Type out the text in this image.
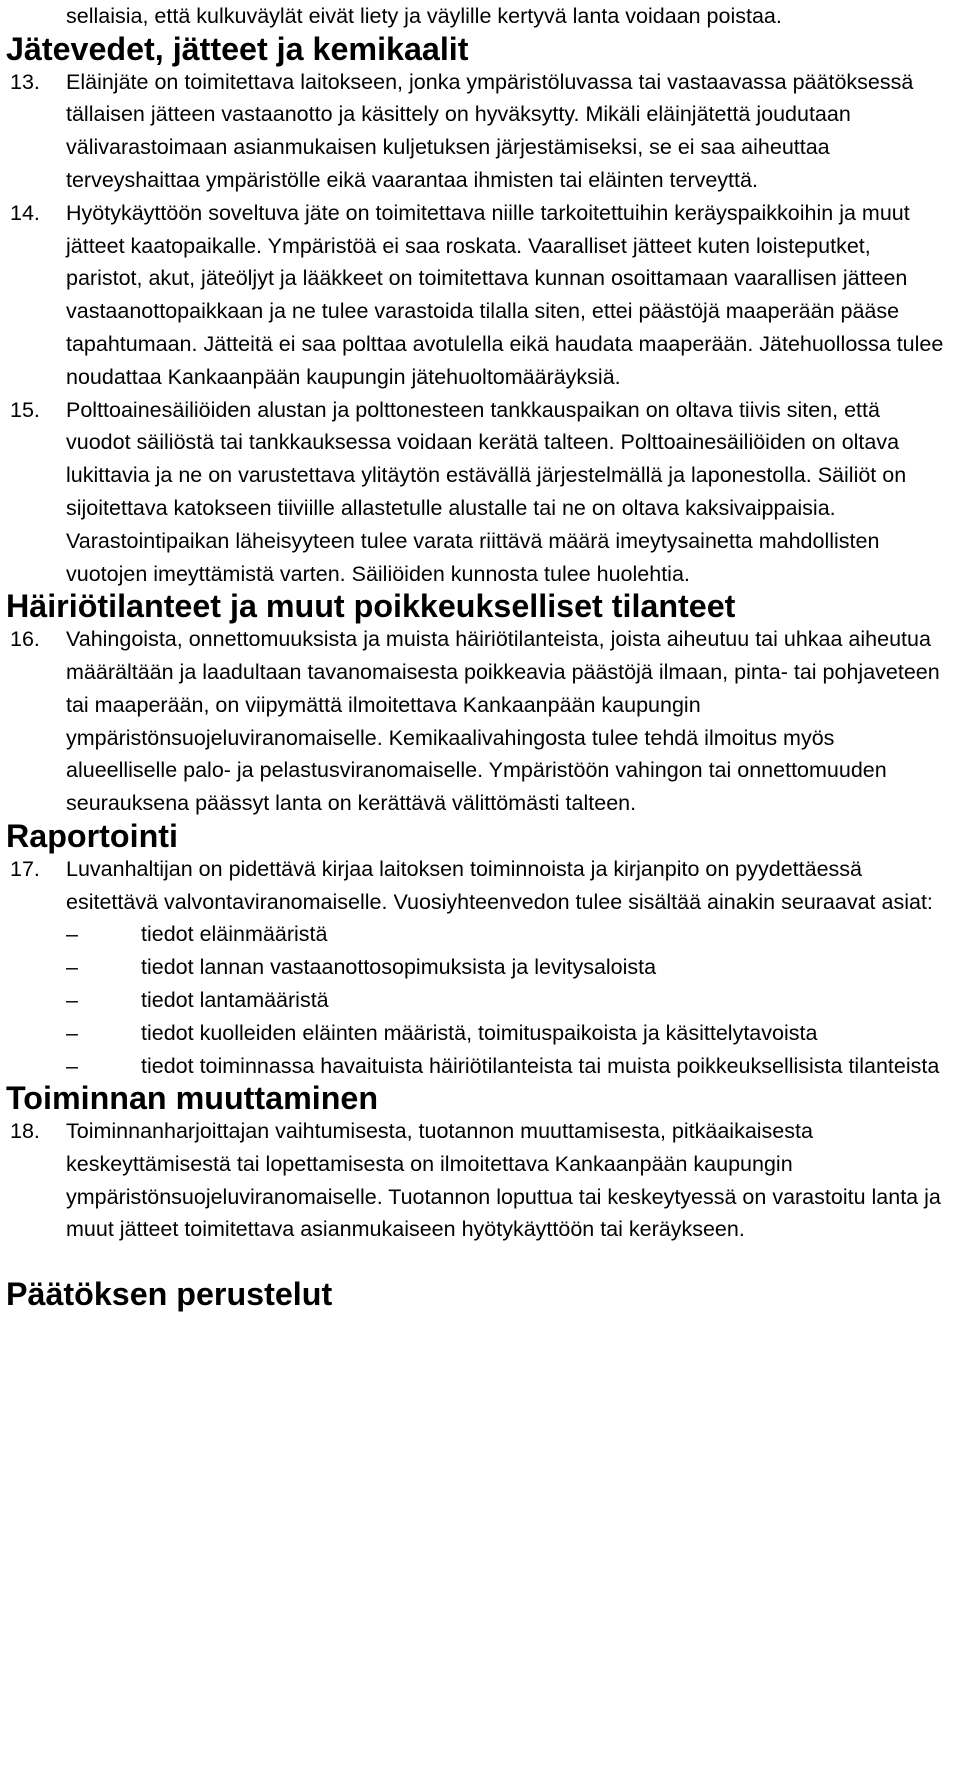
sellaisia, että kulkuväylät eivät liety ja väylille kertyvä lanta voidaan poistaa.

Jätevedet, jätteet ja kemikaalit
13. Eläinjäte on toimitettava laitokseen, jonka ympäristöluvassa tai vastaavassa päätöksessä tällaisen jätteen vastaanotto ja käsittely on hyväksytty. Mikäli eläinjätettä joudutaan välivarastoimaan asianmukaisen kuljetuksen järjestämiseksi, se ei saa aiheuttaa terveyshaittaa ympäristölle eikä vaarantaa ihmisten tai eläinten terveyttä.
14. Hyötykäyttöön soveltuva jäte on toimitettava niille tarkoitettuihin keräyspaikkoihin ja muut jätteet kaatopaikalle. Ympäristöä ei saa roskata. Vaaralliset jätteet kuten loisteputket, paristot, akut, jäteöljyt ja lääkkeet on toimitettava kunnan osoittamaan vaarallisen jätteen vastaanottopaikkaan ja ne tulee varastoida tilalla siten, ettei päästöjä maaperään pääse tapahtumaan. Jätteitä ei saa polttaa avotulella eikä haudata maaperään. Jätehuollossa tulee noudattaa Kankaanpään kaupungin jätehuoltomääräyksiä.
15. Polttoainesäiliöiden alustan ja polttonesteen tankkauspaikan on oltava tiivis siten, että vuodot säiliöstä tai tankkauksessa voidaan kerätä talteen. Polttoainesäiliöiden on oltava lukittavia ja ne on varustettava ylitäytön estävällä järjestelmällä ja laponestolla. Säiliöt on sijoitettava katokseen tiiviille allastetulle alustalle tai ne on oltava kaksivaippaisia. Varastointipaikan läheisyyteen tulee varata riittävä määrä imeytysainetta mahdollisten vuotojen imeyttämistä varten. Säiliöiden kunnosta tulee huolehtia.
Häiriötilanteet ja muut poikkeukselliset tilanteet
16. Vahingoista, onnettomuuksista ja muista häiriötilanteista, joista aiheutuu tai uhkaa aiheutua määrältään ja laadultaan tavanomaisesta poikkeavia päästöjä ilmaan, pinta- tai pohjaveteen tai maaperään, on viipymättä ilmoitettava Kankaanpään kaupungin ympäristönsuojeluviranomaiselle. Kemikaalivahingosta tulee tehdä ilmoitus myös alueelliselle palo- ja pelastusviranomaiselle. Ympäristöön vahingon tai onnettomuuden seurauksena päässyt lanta on kerättävä välittömästi talteen.
Raportointi
17. Luvanhaltijan on pidettävä kirjaa laitoksen toiminnoista ja kirjanpito on pyydettäessä esitettävä valvontaviranomaiselle. Vuosiyhteenvedon tulee sisältää ainakin seuraavat asiat:
–	tiedot eläinmääristä
–	tiedot lannan vastaanottosopimuksista ja levitysaloista
–	tiedot lantamääristä
–	tiedot kuolleiden eläinten määristä, toimituspaikoista ja käsittelytavoista
–	tiedot toiminnassa havaituista häiriötilanteista tai muista poikkeuksellisista tilanteista
Toiminnan muuttaminen
18. Toiminnanharjoittajan vaihtumisesta, tuotannon muuttamisesta, pitkäaikaisesta keskeyttämisestä tai lopettamisesta on ilmoitettava Kankaanpään kaupungin ympäristönsuojeluviranomaiselle. Tuotannon loputtua tai keskeytyessä on varastoitu lanta ja muut jätteet toimitettava asianmukaiseen hyötykäyttöön tai keräykseen.
Päätöksen perustelut
